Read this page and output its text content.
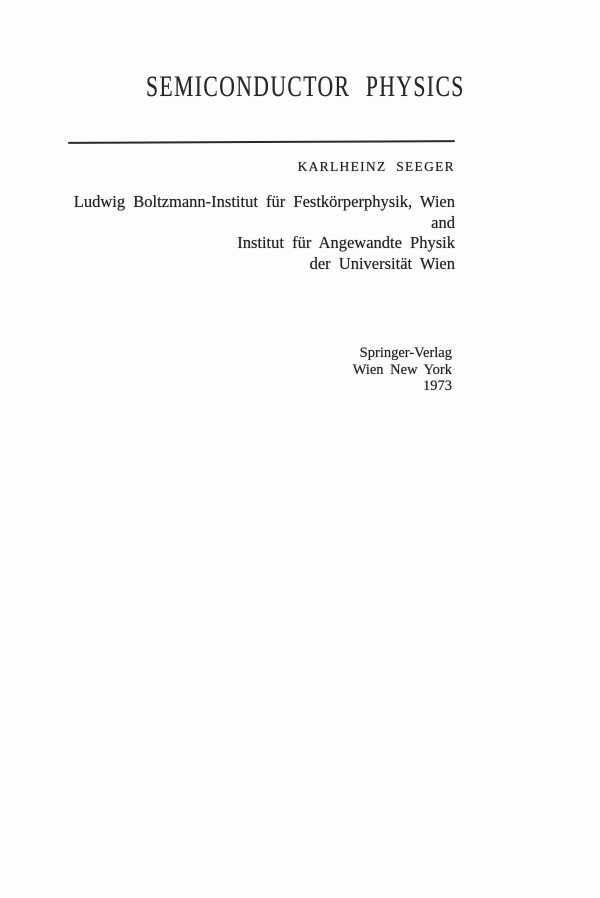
SEMICONDUCTOR PHYSICS
KARLHEINZ SEEGER
Ludwig Boltzmann-Institut für Festkörperphysik, Wien
and
Institut für Angewandte Physik
der Universität Wien
Springer-Verlag
Wien New York
1973
